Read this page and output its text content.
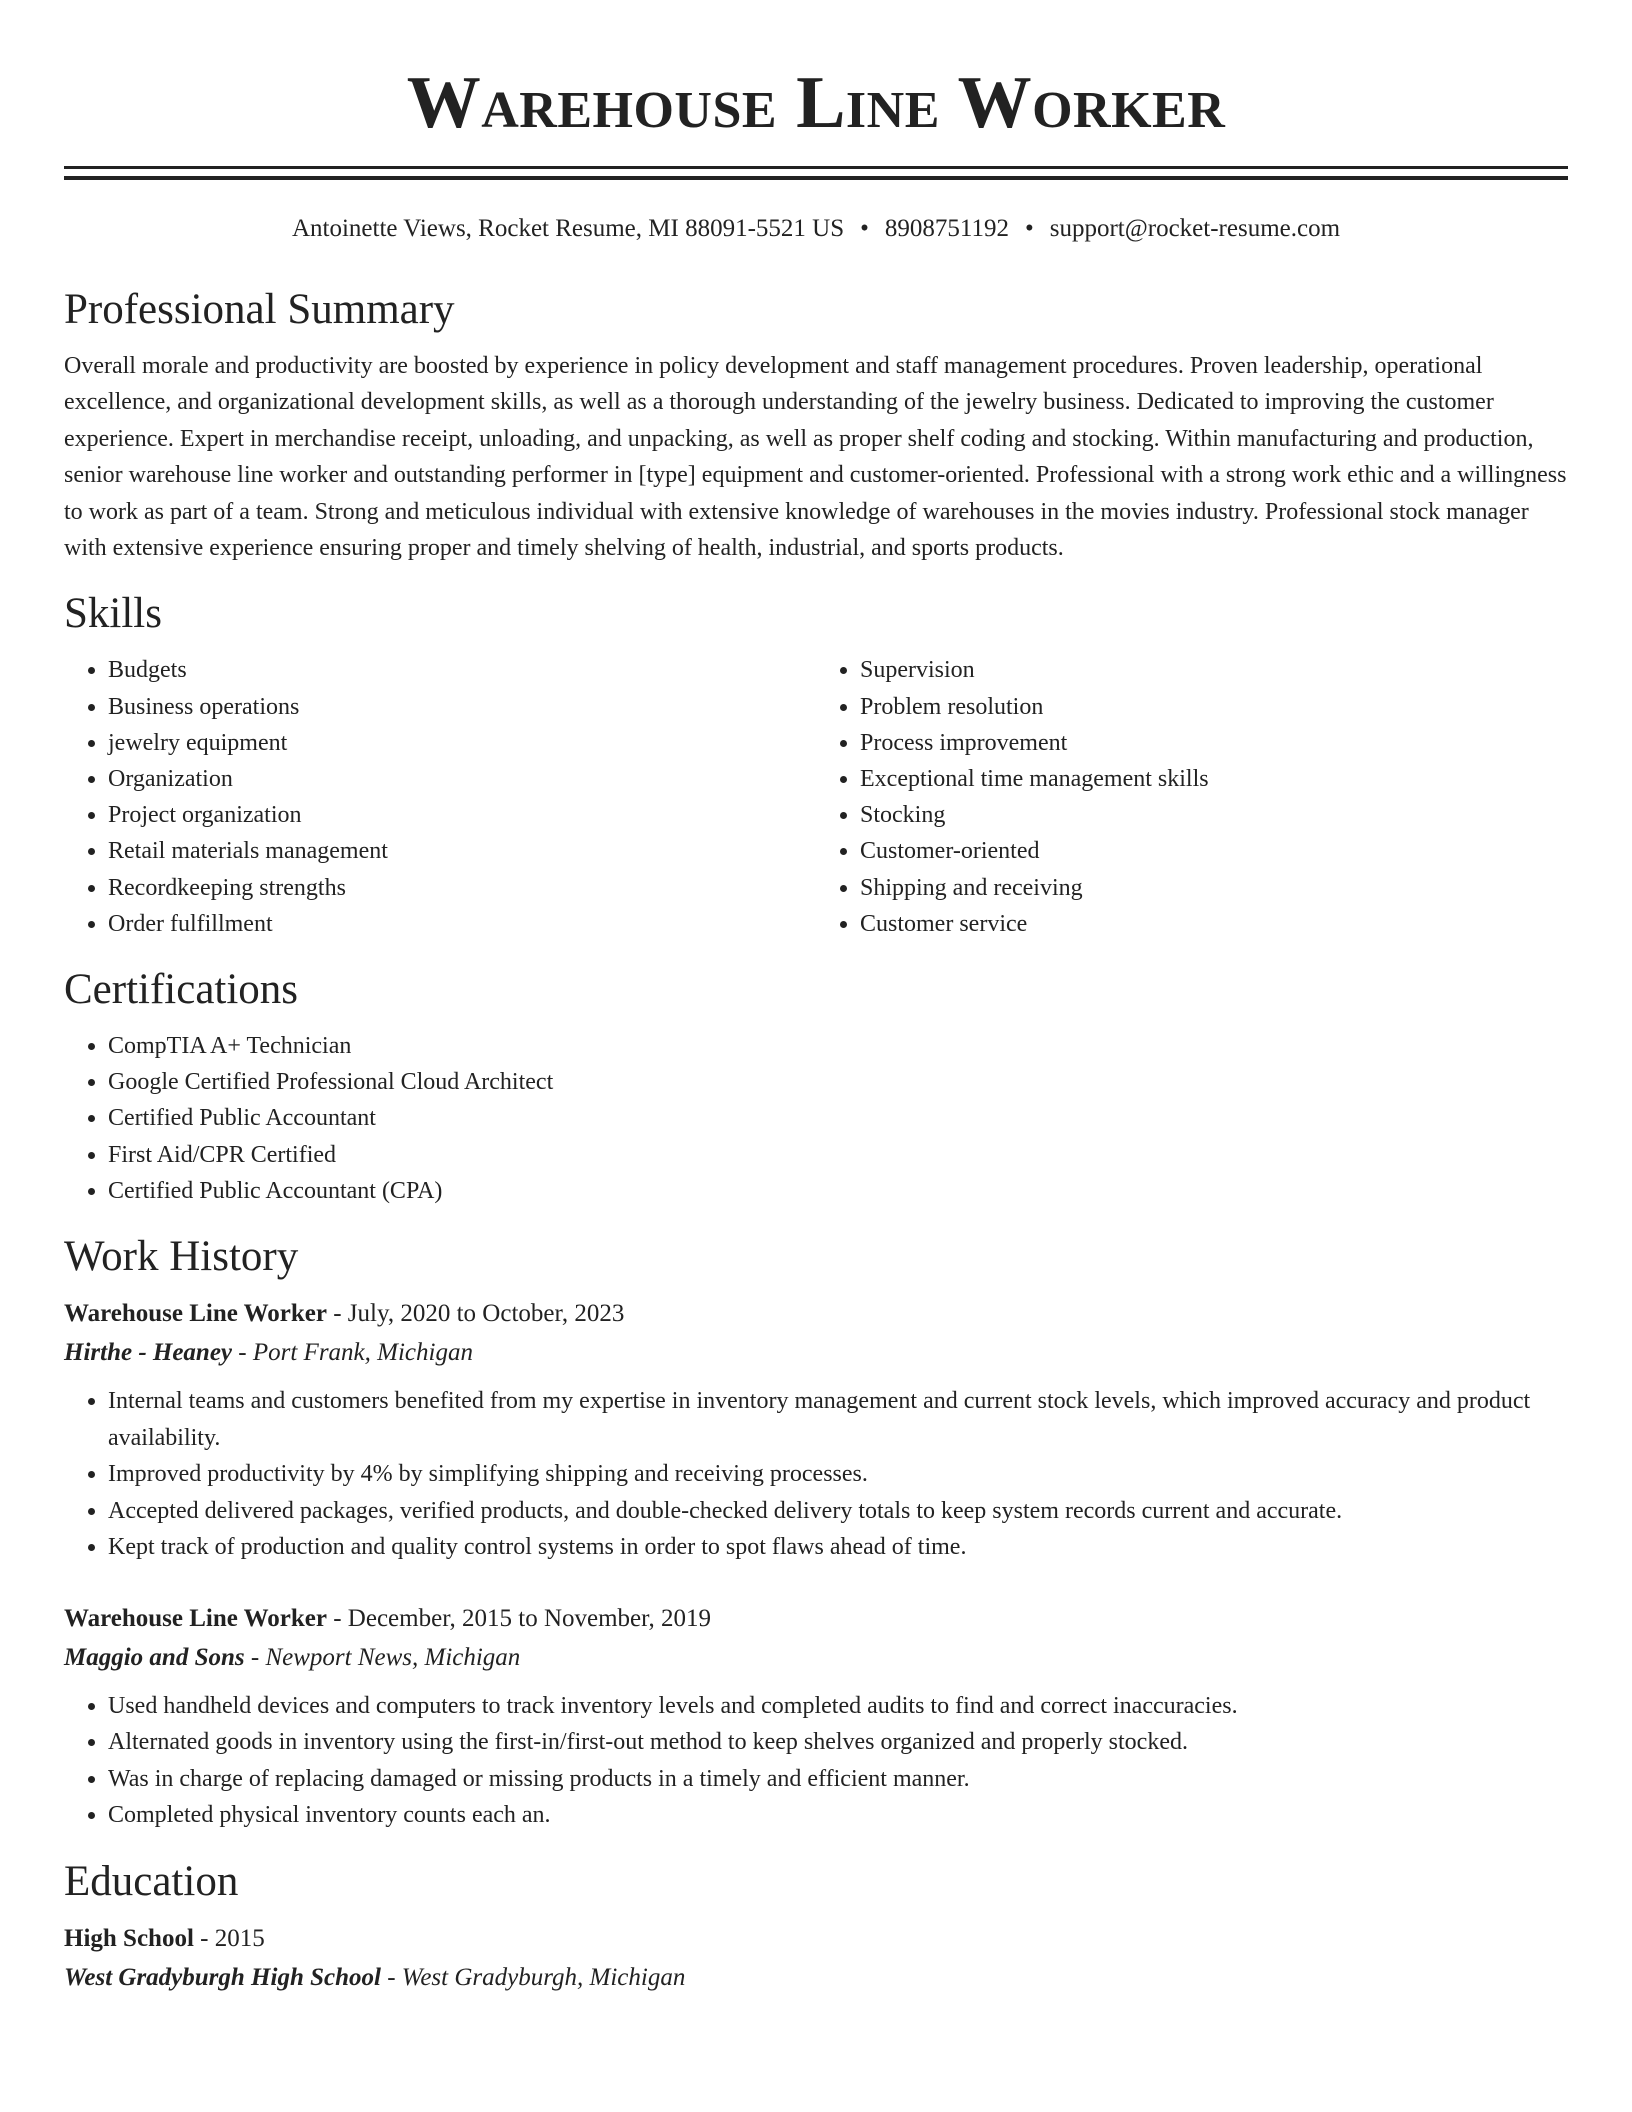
Warehouse Line Worker
Antoinette Views, Rocket Resume, MI 88091-5521 US • 8908751192 • support@rocket-resume.com
Professional Summary

Overall morale and productivity are boosted by experience in policy development and staff management procedures. Proven leadership, operational excellence, and organizational development skills, as well as a thorough understanding of the jewelry business. Dedicated to improving the customer experience. Expert in merchandise receipt, unloading, and unpacking, as well as proper shelf coding and stocking. Within manufacturing and production, senior warehouse line worker and outstanding performer in [type] equipment and customer-oriented. Professional with a strong work ethic and a willingness to work as part of a team. Strong and meticulous individual with extensive knowledge of warehouses in the movies industry. Professional stock manager with extensive experience ensuring proper and timely shelving of health, industrial, and sports products.

Skills
• Budgets
• Business operations
• jewelry equipment
• Organization
• Project organization
• Retail materials management
• Recordkeeping strengths
• Order fulfillment
• Supervision
• Problem resolution
• Process improvement
• Exceptional time management skills
• Stocking
• Customer-oriented
• Shipping and receiving
• Customer service
Certifications
• CompTIA A+ Technician
• Google Certified Professional Cloud Architect
• Certified Public Accountant
• First Aid/CPR Certified
• Certified Public Accountant (CPA)
Work History
Warehouse Line Worker - July, 2020 to October, 2023
Hirthe - Heaney - Port Frank, Michigan
• Internal teams and customers benefited from my expertise in inventory management and current stock levels, which improved accuracy and product availability.
• Improved productivity by 4% by simplifying shipping and receiving processes.
• Accepted delivered packages, verified products, and double-checked delivery totals to keep system records current and accurate.
• Kept track of production and quality control systems in order to spot flaws ahead of time.
Warehouse Line Worker - December, 2015 to November, 2019
Maggio and Sons - Newport News, Michigan
• Used handheld devices and computers to track inventory levels and completed audits to find and correct inaccuracies.
• Alternated goods in inventory using the first-in/first-out method to keep shelves organized and properly stocked.
• Was in charge of replacing damaged or missing products in a timely and efficient manner.
• Completed physical inventory counts each an.
Education
High School - 2015
West Gradyburgh High School - West Gradyburgh, Michigan
